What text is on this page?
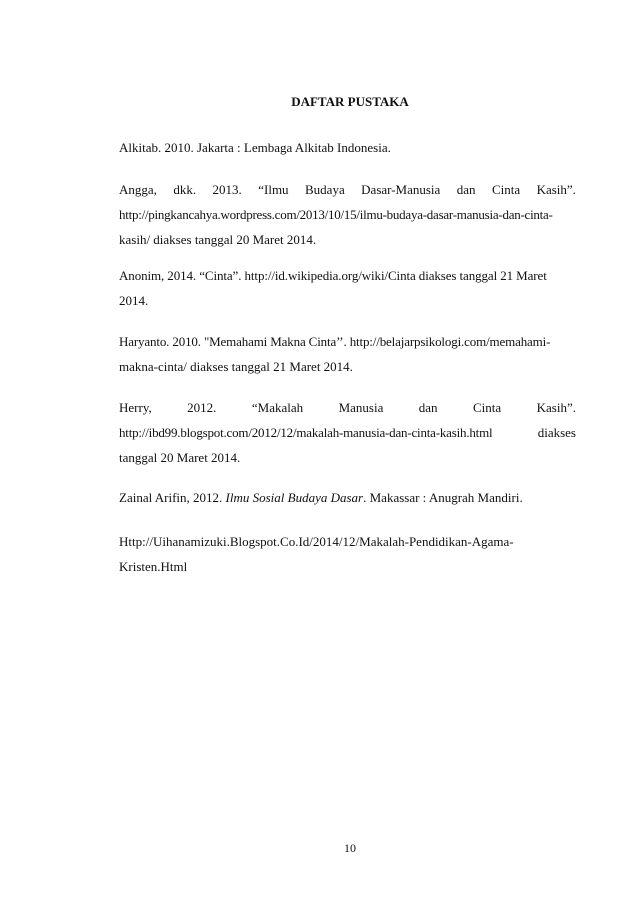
DAFTAR PUSTAKA
Alkitab. 2010. Jakarta : Lembaga Alkitab Indonesia.
Angga, dkk. 2013. “Ilmu Budaya Dasar-Manusia dan Cinta Kasih”.
http://pingkancahya.wordpress.com/2013/10/15/ilmu-budaya-dasar-manusia-dan-cinta-
kasih/ diakses tanggal 20 Maret 2014.
Anonim, 2014. “Cinta”. http://id.wikipedia.org/wiki/Cinta diakses tanggal 21 Maret
2014.
Haryanto. 2010. "Memahami Makna Cinta’’. http://belajarpsikologi.com/memahami-
makna-cinta/ diakses tanggal 21 Maret 2014.
Herry,	2012.	“Makalah	Manusia	dan	Cinta	Kasih”.
http://ibd99.blogspot.com/2012/12/makalah-manusia-dan-cinta-kasih.html	diakses
tanggal 20 Maret 2014.
Zainal Arifin, 2012. Ilmu Sosial Budaya Dasar. Makassar : Anugrah Mandiri.
Http://Uihanamizuki.Blogspot.Co.Id/2014/12/Makalah-Pendidikan-Agama-
Kristen.Html
10
